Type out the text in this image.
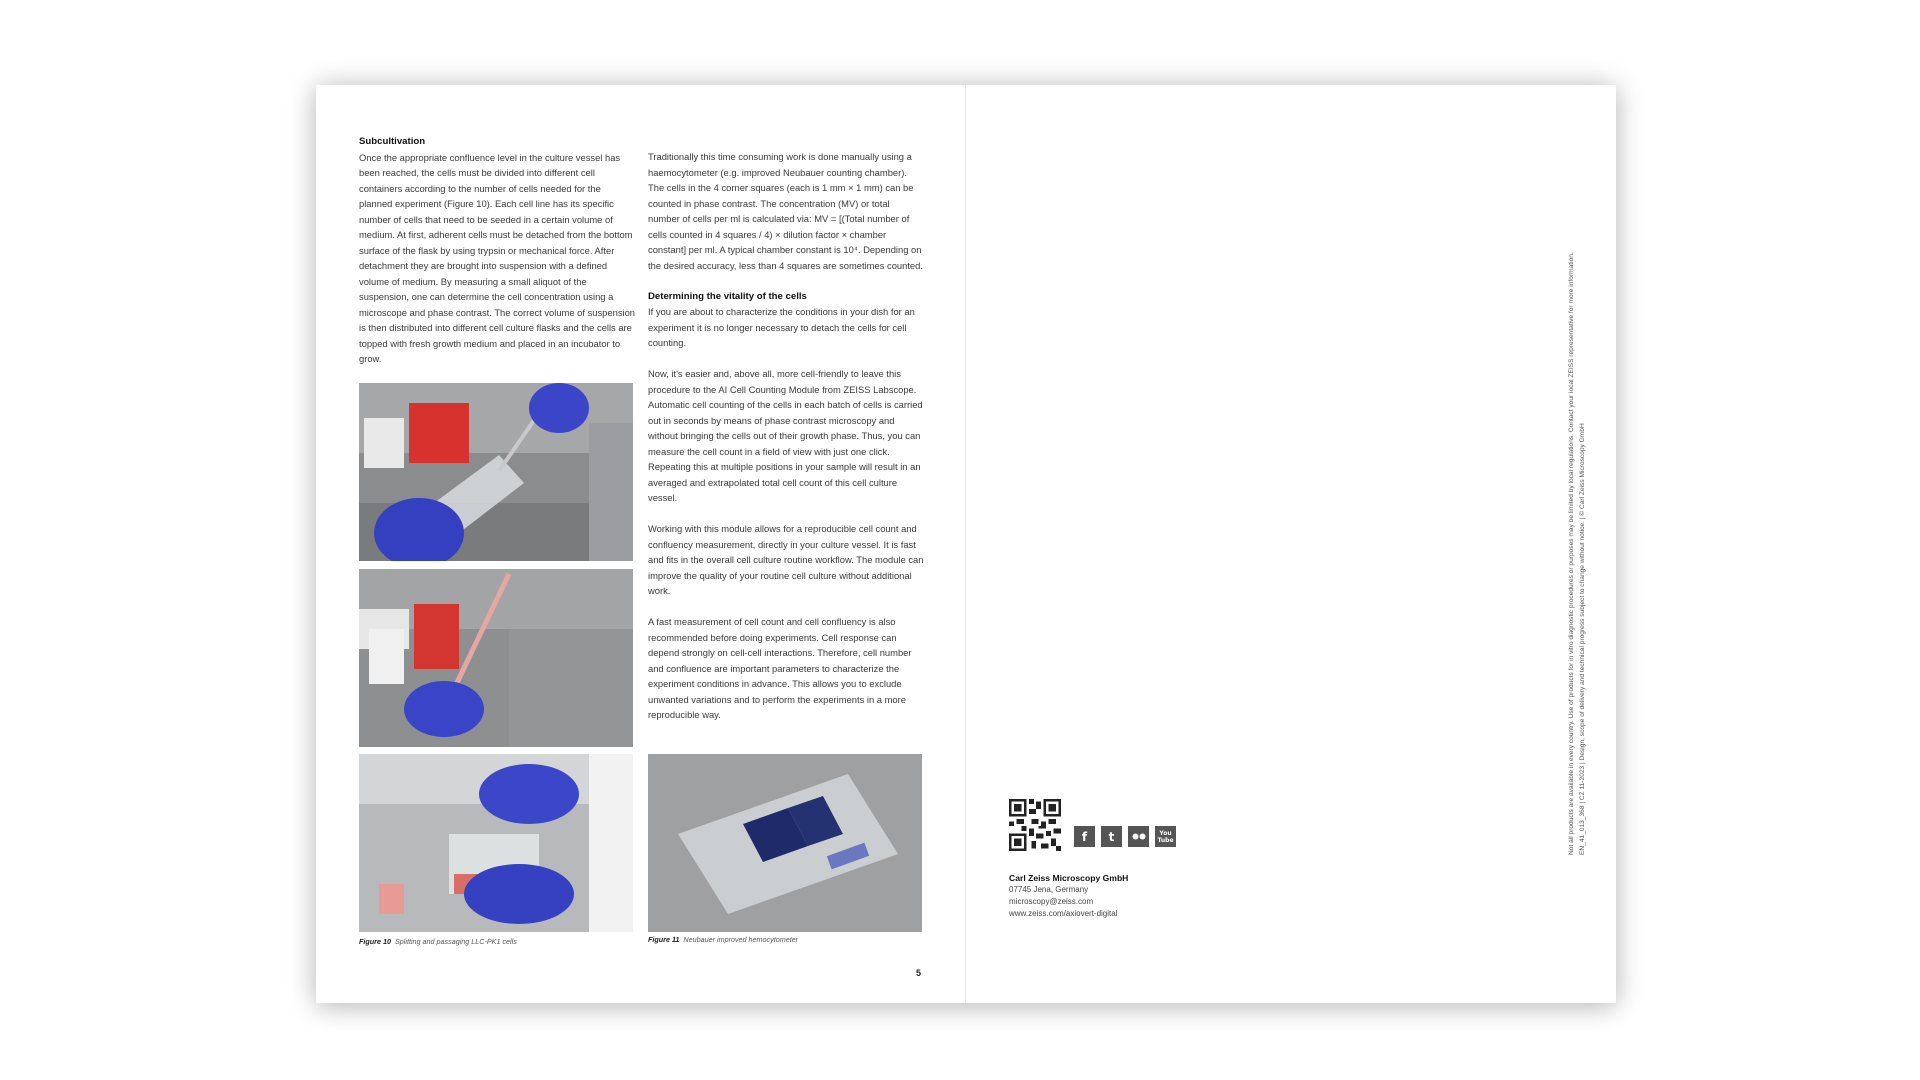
Subcultivation

Once the appropriate confluence level in the culture vessel has been reached, the cells must be divided into different cell containers according to the number of cells needed for the planned experiment (Figure 10). Each cell line has its specific number of cells that need to be seeded in a certain volume of medium. At first, adherent cells must be detached from the bottom surface of the flask by using trypsin or mechanical force. After detachment they are brought into suspension with a defined volume of medium. By measuring a small aliquot of the suspension, one can determine the cell concentration using a microscope and phase contrast. The correct volume of suspension is then distributed into different cell culture flasks and the cells are topped with fresh growth medium and placed in an incubator to grow.

Figure 10 Splitting and passaging LLC-PK1 cells

Traditionally this time consuming work is done manually using a haemocytometer (e.g. improved Neubauer counting chamber). The cells in the 4 corner squares (each is 1 mm × 1 mm) can be counted in phase contrast. The concentration (MV) or total number of cells per ml is calculated via: MV = [(Total number of cells counted in 4 squares / 4) × dilution factor × chamber constant] per ml. A typical chamber constant is 10⁴. Depending on the desired accuracy, less than 4 squares are sometimes counted.

Determining the vitality of the cells

If you are about to characterize the conditions in your dish for an experiment it is no longer necessary to detach the cells for cell counting.

Now, it's easier and, above all, more cell-friendly to leave this procedure to the AI Cell Counting Module from ZEISS Labscope. Automatic cell counting of the cells in each batch of cells is carried out in seconds by means of phase contrast microscopy and without bringing the cells out of their growth phase. Thus, you can measure the cell count in a field of view with just one click. Repeating this at multiple positions in your sample will result in an averaged and extrapolated total cell count of this cell culture vessel.

Working with this module allows for a reproducible cell count and confluency measurement, directly in your culture vessel. It is fast and fits in the overall cell culture routine workflow. The module can improve the quality of your routine cell culture without additional work.

A fast measurement of cell count and cell confluency is also recommended before doing experiments. Cell response can depend strongly on cell-cell interactions. Therefore, cell number and confluence are important parameters to characterize the experiment conditions in advance. This allows you to exclude unwanted variations and to perform the experiments in a more reproducible way.

Figure 11 Neubauer improved hemocytometer
5
f	t	You Tube
Carl Zeiss Microscopy GmbH
07745 Jena, Germany
microscopy@zeiss.com
www.zeiss.com/axiovert-digital
Not all products are available in every country. Use of products for in vitro diagnostic procedures or purposes may be limited by local regulations. Contact your local ZEISS representative for more information. EN_41_013_368 | CZ 11-2023 | Design, scope of delivery and technical progress subject to change without notice. | © Carl Zeiss Microscopy GmbH
